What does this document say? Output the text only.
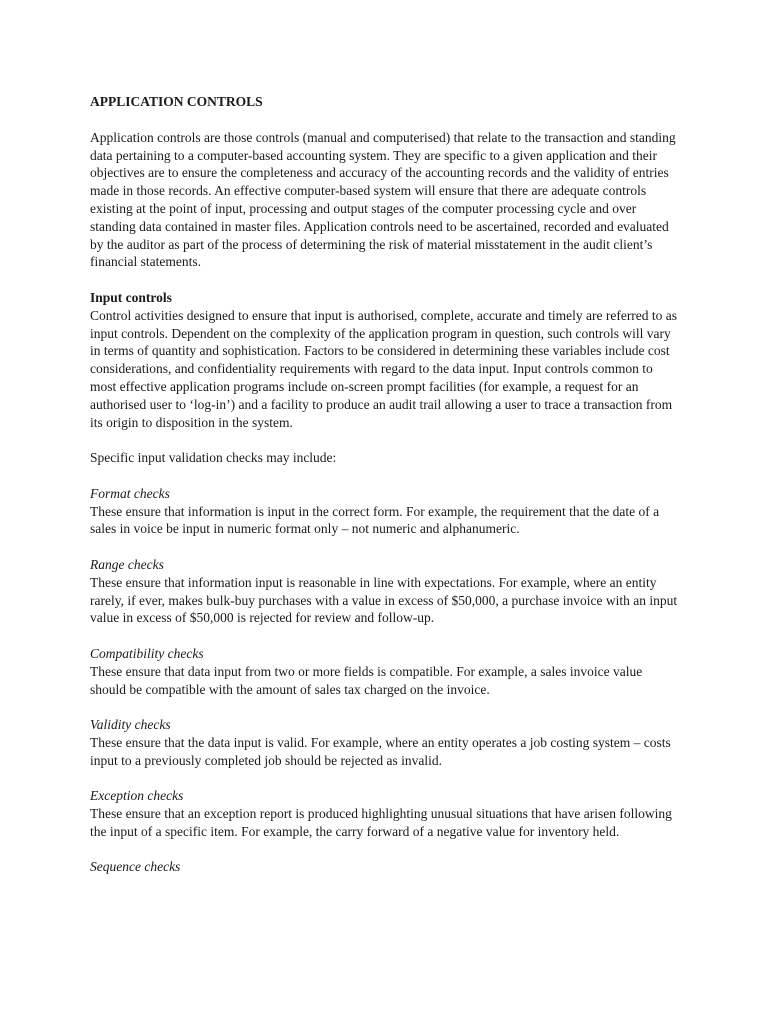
APPLICATION CONTROLS

Application controls are those controls (manual and computerised) that relate to the transaction and standing data pertaining to a computer-based accounting system. They are specific to a given application and their objectives are to ensure the completeness and accuracy of the accounting records and the validity of entries made in those records. An effective computer-based system will ensure that there are adequate controls existing at the point of input, processing and output stages of the computer processing cycle and over standing data contained in master files. Application controls need to be ascertained, recorded and evaluated by the auditor as part of the process of determining the risk of material misstatement in the audit client’s financial statements.

Input controls

Control activities designed to ensure that input is authorised, complete, accurate and timely are referred to as input controls. Dependent on the complexity of the application program in question, such controls will vary in terms of quantity and sophistication. Factors to be considered in determining these variables include cost considerations, and confidentiality requirements with regard to the data input. Input controls common to most effective application programs include on-screen prompt facilities (for example, a request for an authorised user to ‘log-in’) and a facility to produce an audit trail allowing a user to trace a transaction from its origin to disposition in the system.

Specific input validation checks may include:

Format checks

These ensure that information is input in the correct form. For example, the requirement that the date of a sales in voice be input in numeric format only – not numeric and alphanumeric.

Range checks

These ensure that information input is reasonable in line with expectations. For example, where an entity rarely, if ever, makes bulk-buy purchases with a value in excess of $50,000, a purchase invoice with an input value in excess of $50,000 is rejected for review and follow-up.

Compatibility checks

These ensure that data input from two or more fields is compatible. For example, a sales invoice value should be compatible with the amount of sales tax charged on the invoice.

Validity checks

These ensure that the data input is valid. For example, where an entity operates a job costing system – costs input to a previously completed job should be rejected as invalid.

Exception checks

These ensure that an exception report is produced highlighting unusual situations that have arisen following the input of a specific item. For example, the carry forward of a negative value for inventory held.

Sequence checks
